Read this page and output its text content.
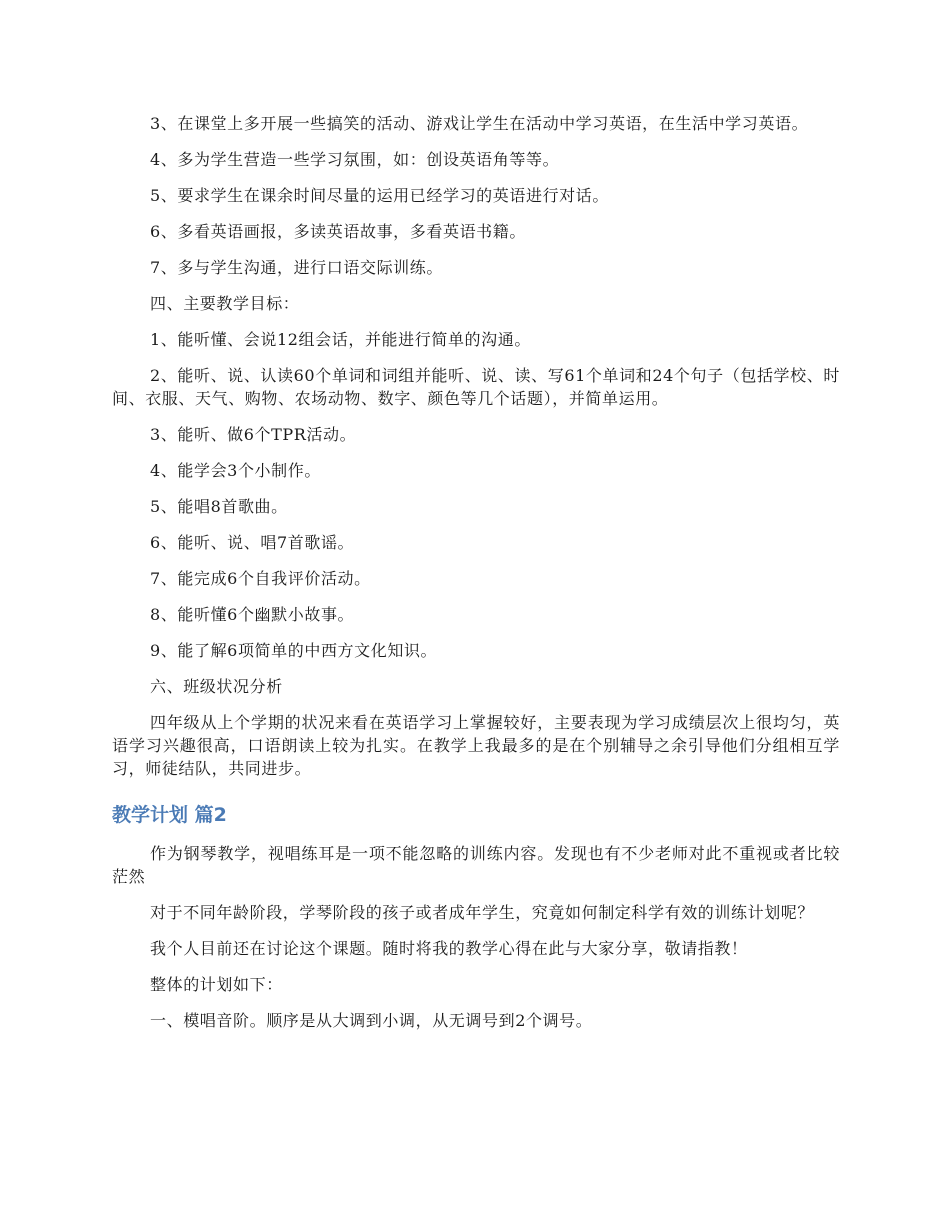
3、在课堂上多开展一些搞笑的活动、游戏让学生在活动中学习英语，在生活中学习英语。

4、多为学生营造一些学习氛围，如：创设英语角等等。

5、要求学生在课余时间尽量的运用已经学习的英语进行对话。

6、多看英语画报，多读英语故事，多看英语书籍。

7、多与学生沟通，进行口语交际训练。

四、主要教学目标：

1、能听懂、会说12组会话，并能进行简单的沟通。

2、能听、说、认读60个单词和词组并能听、说、读、写61个单词和24个句子（包括学校、时间、衣服、天气、购物、农场动物、数字、颜色等几个话题），并简单运用。

3、能听、做6个TPR活动。

4、能学会3个小制作。

5、能唱8首歌曲。

6、能听、说、唱7首歌谣。

7、能完成6个自我评价活动。

8、能听懂6个幽默小故事。

9、能了解6项简单的中西方文化知识。

六、班级状况分析

四年级从上个学期的状况来看在英语学习上掌握较好，主要表现为学习成绩层次上很均匀，英语学习兴趣很高，口语朗读上较为扎实。在教学上我最多的是在个别辅导之余引导他们分组相互学习，师徒结队，共同进步。

教学计划 篇2

作为钢琴教学，视唱练耳是一项不能忽略的训练内容。发现也有不少老师对此不重视或者比较茫然

对于不同年龄阶段，学琴阶段的孩子或者成年学生，究竟如何制定科学有效的训练计划呢？

我个人目前还在讨论这个课题。随时将我的教学心得在此与大家分享，敬请指教！

整体的计划如下：

一、模唱音阶。顺序是从大调到小调，从无调号到2个调号。
